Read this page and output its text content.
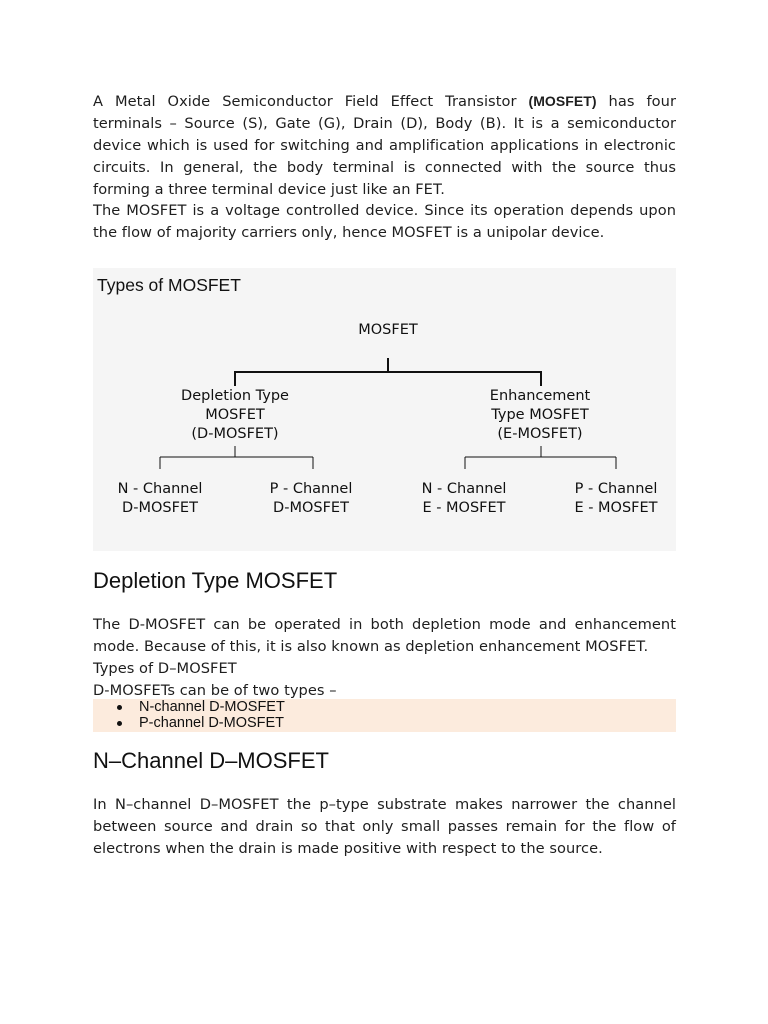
A Metal Oxide Semiconductor Field Effect Transistor (MOSFET) has four terminals – Source (S), Gate (G), Drain (D), Body (B). It is a semiconductor device which is used for switching and amplification applications in electronic circuits. In general, the body terminal is connected with the source thus forming a three terminal device just like an FET.
The MOSFET is a voltage controlled device. Since its operation depends upon the flow of majority carriers only, hence MOSFET is a unipolar device.
Types of MOSFET
MOSFET
Depletion Type
MOSFET
(D-MOSFET)
Enhancement
Type MOSFET
(E-MOSFET)
N - Channel
D-MOSFET
P - Channel
D-MOSFET
N - Channel
E - MOSFET
P - Channel
E - MOSFET
Depletion Type MOSFET
The D-MOSFET can be operated in both depletion mode and enhancement mode. Because of this, it is also known as depletion enhancement MOSFET.
Types of D–MOSFET
D-MOSFETs can be of two types –
N-channel D-MOSFET
P-channel D-MOSFET
N–Channel D–MOSFET
In N–channel D–MOSFET the p–type substrate makes narrower the channel between source and drain so that only small passes remain for the flow of electrons when the drain is made positive with respect to the source.
